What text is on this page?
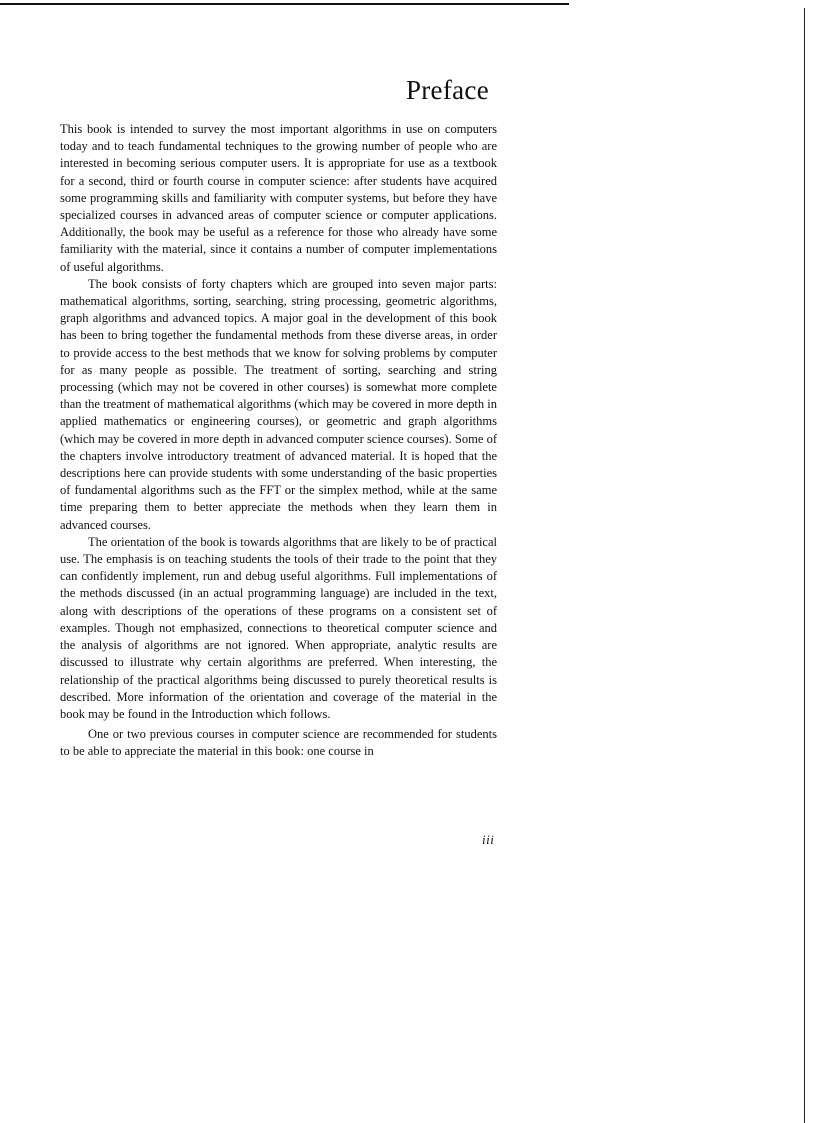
Preface

This book is intended to survey the most important algorithms in use on computers today and to teach fundamental techniques to the growing number of people who are interested in becoming serious computer users. It is appropriate for use as a textbook for a second, third or fourth course in computer science: after students have acquired some programming skills and familiarity with computer systems, but before they have specialized courses in advanced areas of computer science or computer applications. Additionally, the book may be useful as a reference for those who already have some familiarity with the material, since it contains a number of computer implementations of useful algorithms.

The book consists of forty chapters which are grouped into seven major parts: mathematical algorithms, sorting, searching, string processing, geometric algorithms, graph algorithms and advanced topics. A major goal in the development of this book has been to bring together the fundamental methods from these diverse areas, in order to provide access to the best methods that we know for solving problems by computer for as many people as possible. The treatment of sorting, searching and string processing (which may not be covered in other courses) is somewhat more complete than the treatment of mathematical algorithms (which may be covered in more depth in applied mathematics or engineering courses), or geometric and graph algorithms (which may be covered in more depth in advanced computer science courses). Some of the chapters involve introductory treatment of advanced material. It is hoped that the descriptions here can provide students with some understanding of the basic properties of fundamental algorithms such as the FFT or the simplex method, while at the same time preparing them to better appreciate the methods when they learn them in advanced courses.

The orientation of the book is towards algorithms that are likely to be of practical use. The emphasis is on teaching students the tools of their trade to the point that they can confidently implement, run and debug useful algorithms. Full implementations of the methods discussed (in an actual programming language) are included in the text, along with descriptions of the operations of these programs on a consistent set of examples. Though not emphasized, connections to theoretical computer science and the analysis of algorithms are not ignored. When appropriate, analytic results are discussed to illustrate why certain algorithms are preferred. When interesting, the relationship of the practical algorithms being discussed to purely theoretical results is described. More information of the orientation and coverage of the material in the book may be found in the Introduction which follows.

One or two previous courses in computer science are recommended for students to be able to appreciate the material in this book: one course in

iii
